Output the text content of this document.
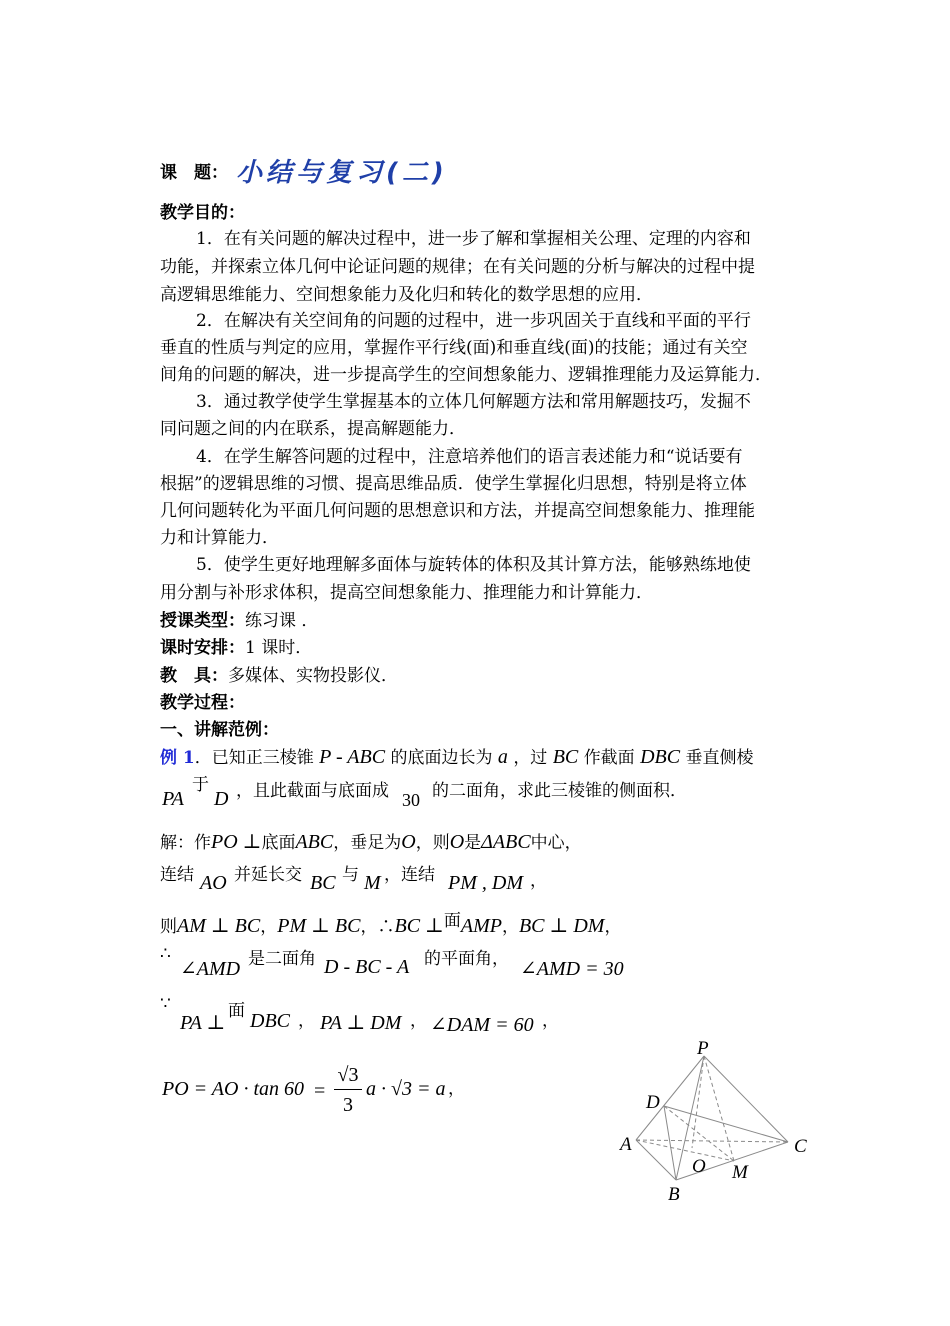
课　题： 小结与复习(二)
教学目的：
1．在有关问题的解决过程中，进一步了解和掌握相关公理、定理的内容和
功能，并探索立体几何中论证问题的规律；在有关问题的分析与解决的过程中提
高逻辑思维能力、空间想象能力及化归和转化的数学思想的应用．
2．在解决有关空间角的问题的过程中，进一步巩固关于直线和平面的平行
垂直的性质与判定的应用，掌握作平行线(面)和垂直线(面)的技能；通过有关空
间角的问题的解决，进一步提高学生的空间想象能力、逻辑推理能力及运算能力．
3．通过教学使学生掌握基本的立体几何解题方法和常用解题技巧，发掘不
同问题之间的内在联系，提高解题能力．
4．在学生解答问题的过程中，注意培养他们的语言表述能力和“说话要有
根据”的逻辑思维的习惯、提高思维品质．使学生掌握化归思想，特别是将立体
几何问题转化为平面几何问题的思想意识和方法，并提高空间想象能力、推理能
力和计算能力．
5．使学生更好地理解多面体与旋转体的体积及其计算方法，能够熟练地使
用分割与补形求体积，提高空间想象能力、推理能力和计算能力．
授课类型：练习课 ．
课时安排：1 课时．
教　具：多媒体、实物投影仪．
教学过程：
一、讲解范例：
例 1．已知正三棱锥 P - ABC 的底面边长为 a ，过 BC 作截面 DBC 垂直侧棱
于
PA D ，且此截面与底面成 30 的二面角，求此三棱锥的侧面积．
解：作PO ⊥底面ABC，垂足为O，则O是ΔABC中心，
连结 AO 并延长交 BC 与 M ，连结 PM , DM ，
则AM ⊥ BC，PM ⊥ BC，∴BC ⊥面AMP，BC ⊥ DM，
∴
∠AMD 是二面角 D - BC - A 的平面角， ∠AMD = 30
∵
PA ⊥
面 DBC ， PA ⊥ DM ， ∠DAM = 60 ，
PO = AO · tan 60 =
√3
3
a · √3 = a ，
P
D
A	C
O M
B
